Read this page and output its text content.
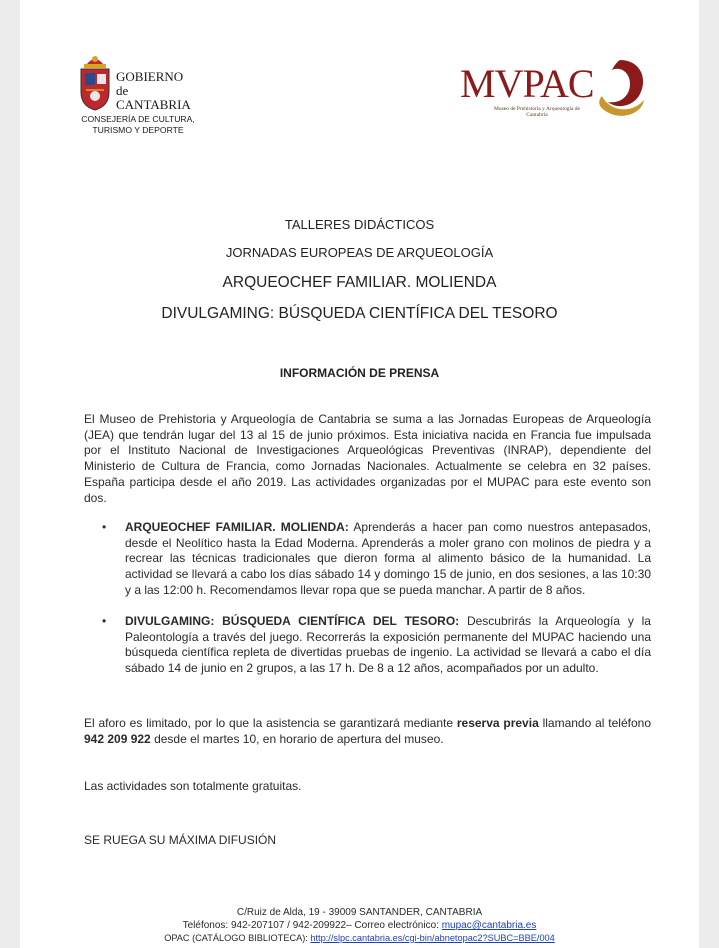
GOBIERNO
de
CANTABRIA
CONSEJERÍA DE CULTURA,
TURISMO Y DEPORTE
MVPAC
Museo de Prehistoria y Arqueología de
Cantabria
TALLERES DIDÁCTICOS
JORNADAS EUROPEAS DE ARQUEOLOGÍA
ARQUEOCHEF FAMILIAR. MOLIENDA
DIVULGAMING: BÚSQUEDA CIENTÍFICA DEL TESORO
INFORMACIÓN DE PRENSA
El Museo de Prehistoria y Arqueología de Cantabria se suma a las Jornadas Europeas de Arqueología (JEA) que tendrán lugar del 13 al 15 de junio próximos. Esta iniciativa nacida en Francia fue impulsada por el Instituto Nacional de Investigaciones Arqueológicas Preventivas (INRAP), dependiente del Ministerio de Cultura de Francia, como Jornadas Nacionales. Actualmente se celebra en 32 países. España participa desde el año 2019. Las actividades organizadas por el MUPAC para este evento son dos.
• ARQUEOCHEF FAMILIAR. MOLIENDA: Aprenderás a hacer pan como nuestros antepasados, desde el Neolítico hasta la Edad Moderna. Aprenderás a moler grano con molinos de piedra y a recrear las técnicas tradicionales que dieron forma al alimento básico de la humanidad. La actividad se llevará a cabo los días sábado 14 y domingo 15 de junio, en dos sesiones, a las 10:30 y a las 12:00 h. Recomendamos llevar ropa que se pueda manchar. A partir de 8 años.
• DIVULGAMING: BÚSQUEDA CIENTÍFICA DEL TESORO: Descubrirás la Arqueología y la Paleontología a través del juego. Recorrerás la exposición permanente del MUPAC haciendo una búsqueda científica repleta de divertidas pruebas de ingenio. La actividad se llevará a cabo el día sábado 14 de junio en 2 grupos, a las 17 h. De 8 a 12 años, acompañados por un adulto.
El aforo es limitado, por lo que la asistencia se garantizará mediante reserva previa llamando al teléfono 942 209 922 desde el martes 10, en horario de apertura del museo.
Las actividades son totalmente gratuitas.
SE RUEGA SU MÁXIMA DIFUSIÓN
C/Ruiz de Alda, 19 - 39009 SANTANDER, CANTABRIA
Teléfonos: 942-207107 / 942-209922– Correo electrónico: mupac@cantabria.es
OPAC (CATÁLOGO BIBLIOTECA): http://slpc.cantabria.es/cgi-bin/abnetopac2?SUBC=BBE/004
